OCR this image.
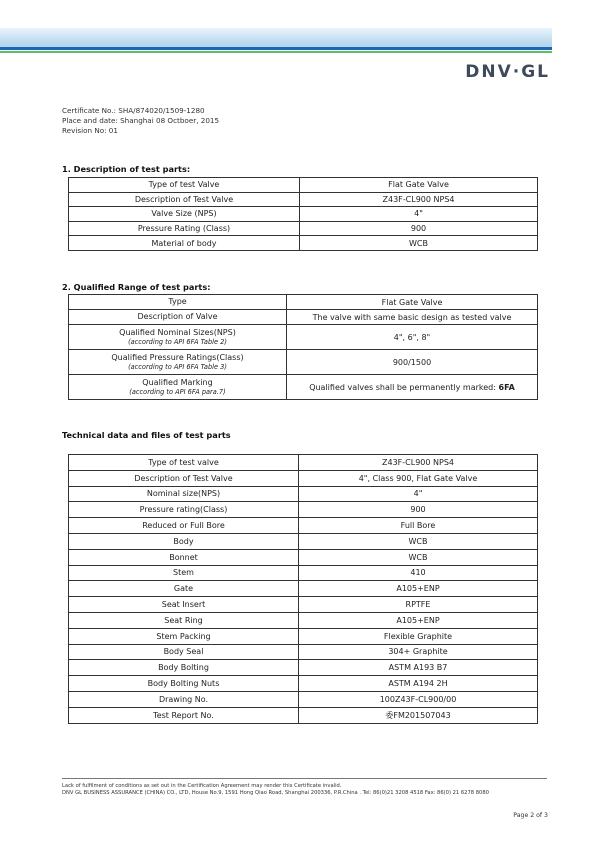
DNV·GL
Certificate No.: SHA/874020/1509-1280
Place and date: Shanghai 08 Octboer, 2015
Revision No: 01
1. Description of test parts:
Type of test Valve	Flat Gate Valve
Description of Test Valve	Z43F-CL900 NPS4
Valve Size (NPS)	4"
Pressure Rating (Class)	900
Material of body	WCB
2. Qualified Range of test parts:
Type	Flat Gate Valve

Description of Valve	The valve with same basic design as tested valve

Qualified Nominal Sizes(NPS)
(according to API 6FA Table 2)	4", 6", 8"

Qualified Pressure Ratings(Class)
(according to API 6FA Table 3)	900/1500

Qualified Marking
(according to API 6FA para.7)	Qualified valves shall be permanently marked: 6FA
Technical data and files of test parts
Type of test valve	Z43F-CL900 NPS4
Description of Test Valve	4", Class 900, Flat Gate Valve
Nominal size(NPS)	4"
Pressure rating(Class)	900
Reduced or Full Bore	Full Bore
Body	WCB
Bonnet	WCB
Stem	410
Gate	A105+ENP
Seat Insert	RPTFE
Seat Ring	A105+ENP
Stem Packing	Flexible Graphite
Body Seal	304+ Graphite
Body Bolting	ASTM A193 B7
Body Bolting Nuts	ASTM A194 2H
Drawing No.	100Z43F-CL900/00
Test Report No.	委FM201507043
Lack of fulfilment of conditions as set out in the Certification Agreement may render this Certificate invalid.
DNV GL BUSINESS ASSURANCE (CHINA) CO., LTD, House No.9, 1591 Hong Qiao Road, Shanghai 200336, P.R.China . Tel: 86(0)21 3208 4518 Fax: 86(0) 21 6278 8080
Page 2 of 3
